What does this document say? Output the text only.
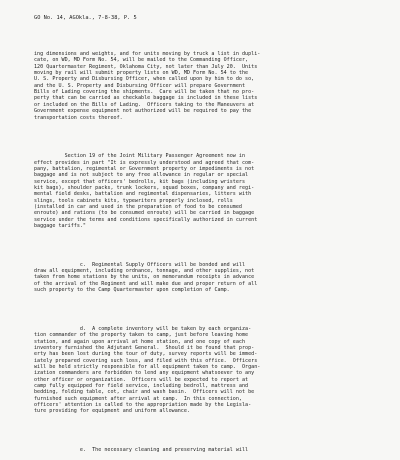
GO No. 14, AGOkla., 7-8-38, P. 5

ing dimensions and weights, and for units moving by truck a list in dupli-
cate, on WD, MD Form No. 54, will be mailed to the Commanding Officer,
120 Quartermaster Regiment, Oklahoma City, not later than July 20.  Units
moving by rail will submit property lists on WD, MD Form No. 54 to the
U. S. Property and Disbursing Officer, when called upon by him to do so,
and the U. S. Property and Disbursing Officer will prepare Government
Bills of Lading covering the shipments.  Care will be taken that no pro-
perty that can be carried as checkable baggage is included in these lists
or included on the Bills of Lading.  Officers taking to the Maneuvers at
Government expense equipment not authorized will be required to pay the
transportation costs thereof.

Section 19 of the Joint Military Passenger Agreement now in
effect provides in part "It is expressly understood and agreed that com-
pany, battalion, regimental or Government property or impediments is not
baggage and is not subject to any free allowance in regular or special
service, except that officers' bedrolls, kit bags (including wristers
kit bags), shoulder packs, trunk lockers, squad boxes, company and regi-
mental field desks, battalion and regimental dispensaries, litters with
slings, tools cabinets kits, typewriters properly inclosed, rolls
(installed in car and used in the preparation of food to be consumed
enroute) and rations (to be consumed enroute) will be carried in baggage
service under the terms and conditions specifically authorized in current
baggage tariffs."

c.  Regimental Supply Officers will be bonded and will
draw all equipment, including ordnance, tonnage, and other supplies, not
taken from home stations by the units, on memorandum receipts in advance
of the arrival of the Regiment and will make due and proper return of all
such property to the Camp Quartermaster upon completion of Camp.

d.  A complete inventory will be taken by each organiza-
tion commander of the property taken to camp, just before leaving home
station, and again upon arrival at home station, and one copy of each
inventory furnished the Adjutant General.  Should it be found that prop-
erty has been lost during the tour of duty, survey reports will be immed-
iately prepared covering such loss, and filed with this office.  Officers
will be held strictly responsible for all equipment taken to camp.  Organ-
ization commanders are forbidden to lend any equipment whatsoever to any
other officer or organization.  Officers will be expected to report at
camp fully equipped for field service, including bedroll, mattress and
bedding, folding table, cot, chair and wash basin.  Officers will not be
furnished such equipment after arrival at camp.  In this connection,
officers' attention is called to the appropriation made by the Legisla-
ture providing for equipment and uniform allowance.

e.  The necessary cleaning and preserving material will
